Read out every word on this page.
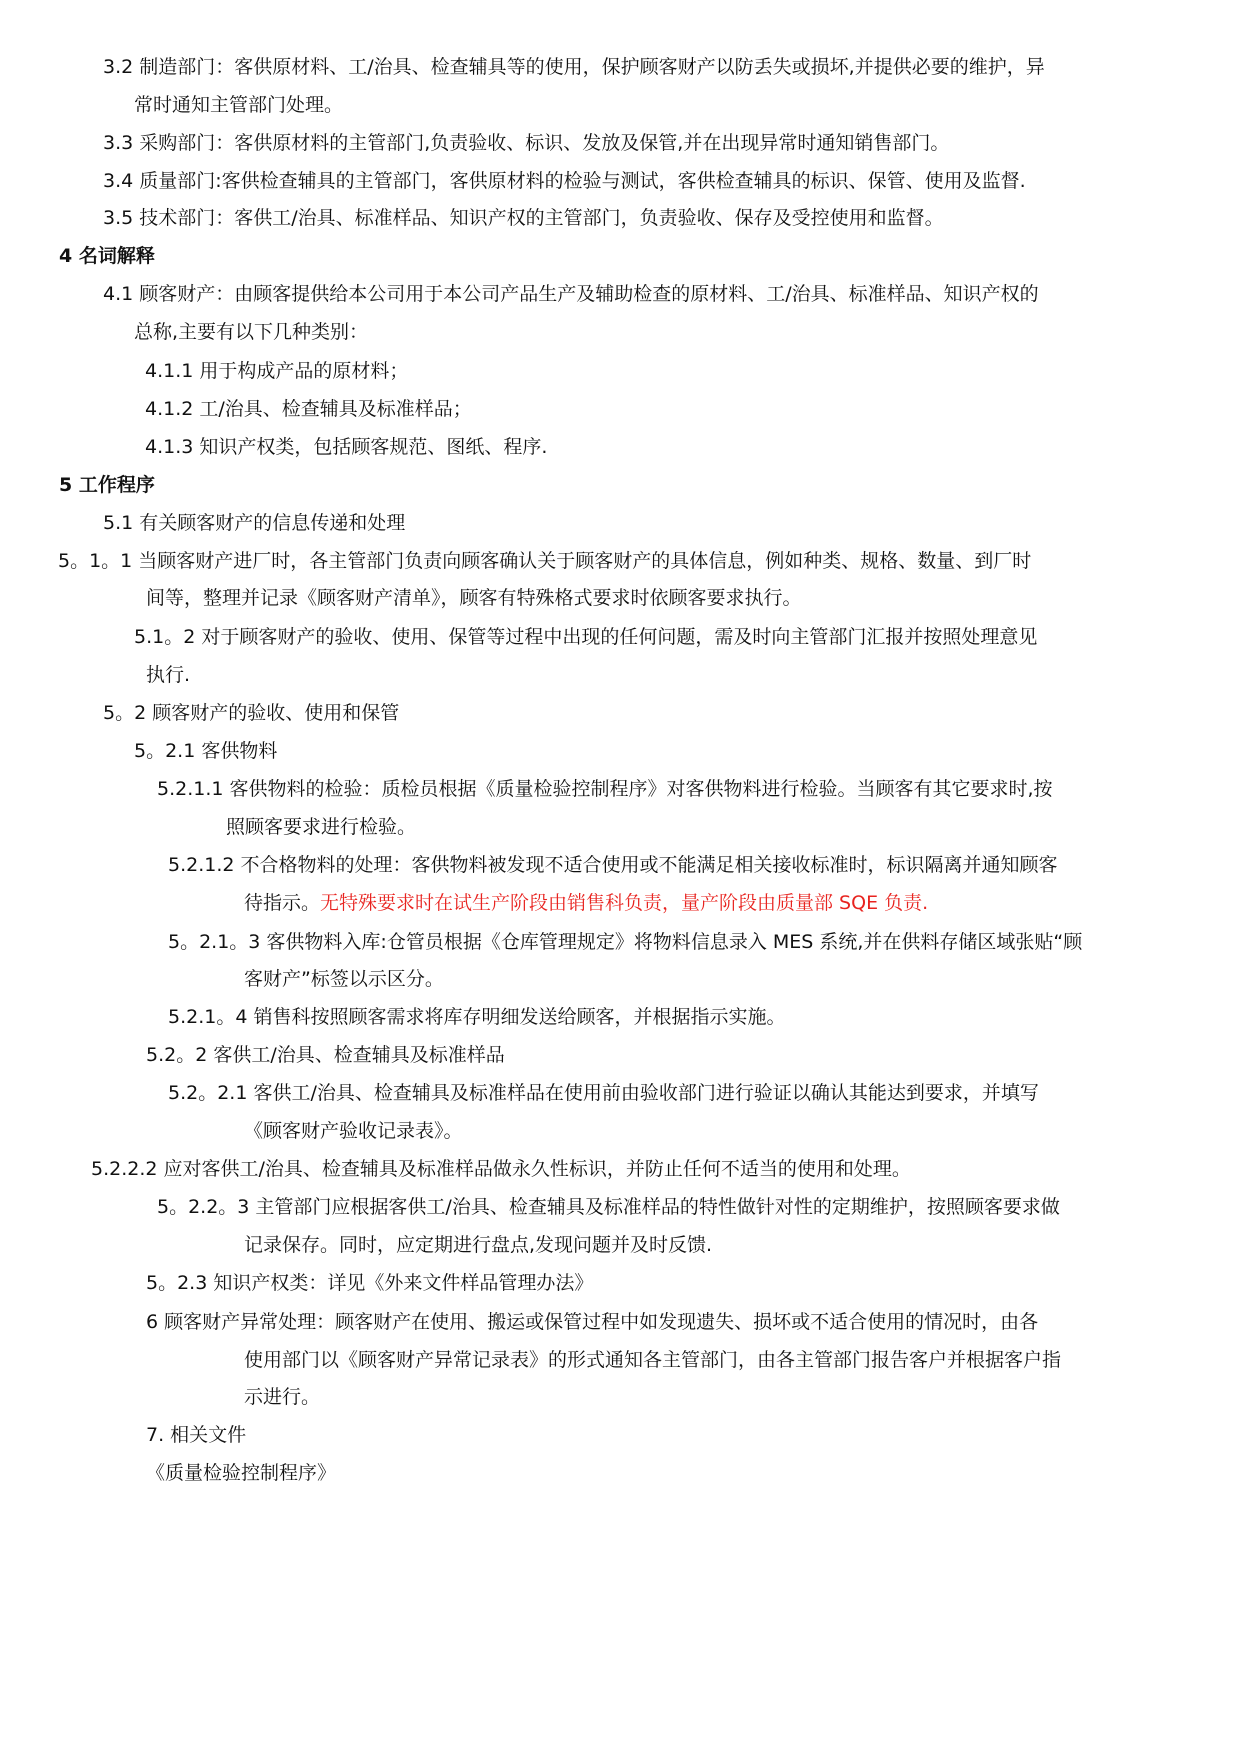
3.2 制造部门：客供原材料、工/治具、检查辅具等的使用，保护顾客财产以防丢失或损坏,并提供必要的维护，异
常时通知主管部门处理。
3.3 采购部门：客供原材料的主管部门,负责验收、标识、发放及保管,并在出现异常时通知销售部门。
3.4 质量部门:客供检查辅具的主管部门，客供原材料的检验与测试，客供检查辅具的标识、保管、使用及监督.
3.5 技术部门：客供工/治具、标准样品、知识产权的主管部门，负责验收、保存及受控使用和监督。
4 名词解释
4.1 顾客财产：由顾客提供给本公司用于本公司产品生产及辅助检查的原材料、工/治具、标准样品、知识产权的
总称,主要有以下几种类别：
4.1.1 用于构成产品的原材料；
4.1.2 工/治具、检查辅具及标准样品；
4.1.3 知识产权类，包括顾客规范、图纸、程序.
5 工作程序
5.1 有关顾客财产的信息传递和处理
5。1。1 当顾客财产进厂时，各主管部门负责向顾客确认关于顾客财产的具体信息，例如种类、规格、数量、到厂时
间等，整理并记录《顾客财产清单》，顾客有特殊格式要求时依顾客要求执行。
5.1。2 对于顾客财产的验收、使用、保管等过程中出现的任何问题，需及时向主管部门汇报并按照处理意见
执行.
5。2 顾客财产的验收、使用和保管
5。2.1 客供物料
5.2.1.1 客供物料的检验：质检员根据《质量检验控制程序》对客供物料进行检验。当顾客有其它要求时,按
照顾客要求进行检验。
5.2.1.2 不合格物料的处理：客供物料被发现不适合使用或不能满足相关接收标准时，标识隔离并通知顾客
待指示。无特殊要求时在试生产阶段由销售科负责，量产阶段由质量部 SQE 负责.
5。2.1。3 客供物料入库:仓管员根据《仓库管理规定》将物料信息录入 MES 系统,并在供料存储区域张贴“顾
客财产”标签以示区分。
5.2.1。4 销售科按照顾客需求将库存明细发送给顾客，并根据指示实施。
5.2。2 客供工/治具、检查辅具及标准样品
5.2。2.1 客供工/治具、检查辅具及标准样品在使用前由验收部门进行验证以确认其能达到要求，并填写
《顾客财产验收记录表》。
5.2.2.2 应对客供工/治具、检查辅具及标准样品做永久性标识，并防止任何不适当的使用和处理。
5。2.2。3 主管部门应根据客供工/治具、检查辅具及标准样品的特性做针对性的定期维护，按照顾客要求做
记录保存。同时，应定期进行盘点,发现问题并及时反馈.
5。2.3 知识产权类：详见《外来文件样品管理办法》
6 顾客财产异常处理：顾客财产在使用、搬运或保管过程中如发现遗失、损坏或不适合使用的情况时，由各
使用部门以《顾客财产异常记录表》的形式通知各主管部门，由各主管部门报告客户并根据客户指
示进行。
7. 相关文件
《质量检验控制程序》
